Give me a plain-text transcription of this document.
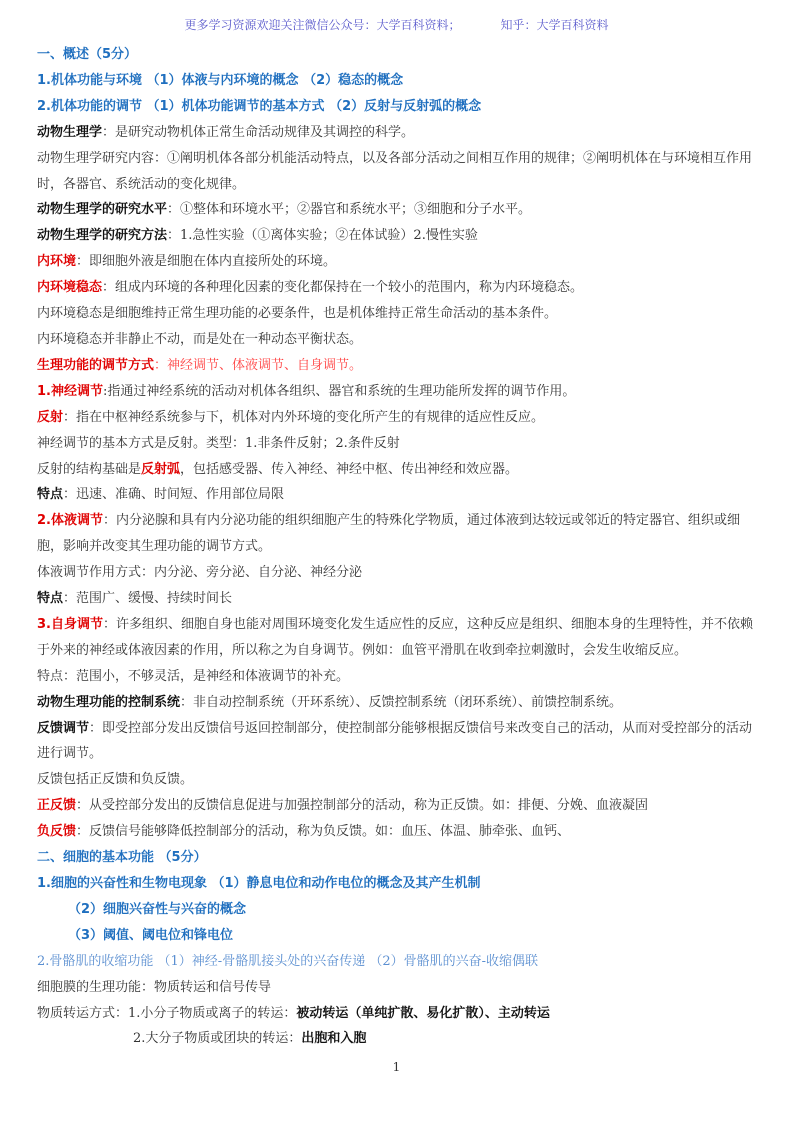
更多学习资源欢迎关注微信公众号：大学百科资料；	知乎：大学百科资料
一、概述（5分）
1.机体功能与环境 （1）体液与内环境的概念 （2）稳态的概念
2.机体功能的调节 （1）机体功能调节的基本方式 （2）反射与反射弧的概念
动物生理学：是研究动物机体正常生命活动规律及其调控的科学。
动物生理学研究内容：①阐明机体各部分机能活动特点，以及各部分活动之间相互作用的规律；②阐明机体在与环境相互作用时，各器官、系统活动的变化规律。
动物生理学的研究水平：①整体和环境水平；②器官和系统水平；③细胞和分子水平。
动物生理学的研究方法：1.急性实验（①离体实验；②在体试验）2.慢性实验
内环境：即细胞外液是细胞在体内直接所处的环境。
内环境稳态：组成内环境的各种理化因素的变化都保持在一个较小的范围内，称为内环境稳态。
内环境稳态是细胞维持正常生理功能的必要条件，也是机体维持正常生命活动的基本条件。
内环境稳态并非静止不动，而是处在一种动态平衡状态。
生理功能的调节方式：神经调节、体液调节、自身调节。
1.神经调节:指通过神经系统的活动对机体各组织、器官和系统的生理功能所发挥的调节作用。
反射：指在中枢神经系统参与下，机体对内外环境的变化所产生的有规律的适应性反应。
神经调节的基本方式是反射。类型：1.非条件反射；2.条件反射
反射的结构基础是反射弧，包括感受器、传入神经、神经中枢、传出神经和效应器。
特点：迅速、准确、时间短、作用部位局限
2.体液调节：内分泌腺和具有内分泌功能的组织细胞产生的特殊化学物质，通过体液到达较远或邻近的特定器官、组织或细胞，影响并改变其生理功能的调节方式。
体液调节作用方式：内分泌、旁分泌、自分泌、神经分泌
特点：范围广、缓慢、持续时间长
3.自身调节：许多组织、细胞自身也能对周围环境变化发生适应性的反应，这种反应是组织、细胞本身的生理特性，并不依赖于外来的神经或体液因素的作用，所以称之为自身调节。例如：血管平滑肌在收到牵拉刺激时，会发生收缩反应。
特点：范围小，不够灵活，是神经和体液调节的补充。
动物生理功能的控制系统：非自动控制系统（开环系统）、反馈控制系统（闭环系统）、前馈控制系统。
反馈调节：即受控部分发出反馈信号返回控制部分，使控制部分能够根据反馈信号来改变自己的活动，从而对受控部分的活动进行调节。
反馈包括正反馈和负反馈。
正反馈：从受控部分发出的反馈信息促进与加强控制部分的活动，称为正反馈。如：排便、分娩、血液凝固
负反馈：反馈信号能够降低控制部分的活动，称为负反馈。如：血压、体温、肺牵张、血钙、
二、细胞的基本功能 （5分）
1.细胞的兴奋性和生物电现象 （1）静息电位和动作电位的概念及其产生机制
（2）细胞兴奋性与兴奋的概念
（3）阈值、阈电位和锋电位
2.骨骼肌的收缩功能 （1）神经-骨骼肌接头处的兴奋传递 （2）骨骼肌的兴奋-收缩偶联
细胞膜的生理功能：物质转运和信号传导
物质转运方式：1.小分子物质或离子的转运：被动转运（单纯扩散、易化扩散）、主动转运
2.大分子物质或团块的转运：出胞和入胞
1
